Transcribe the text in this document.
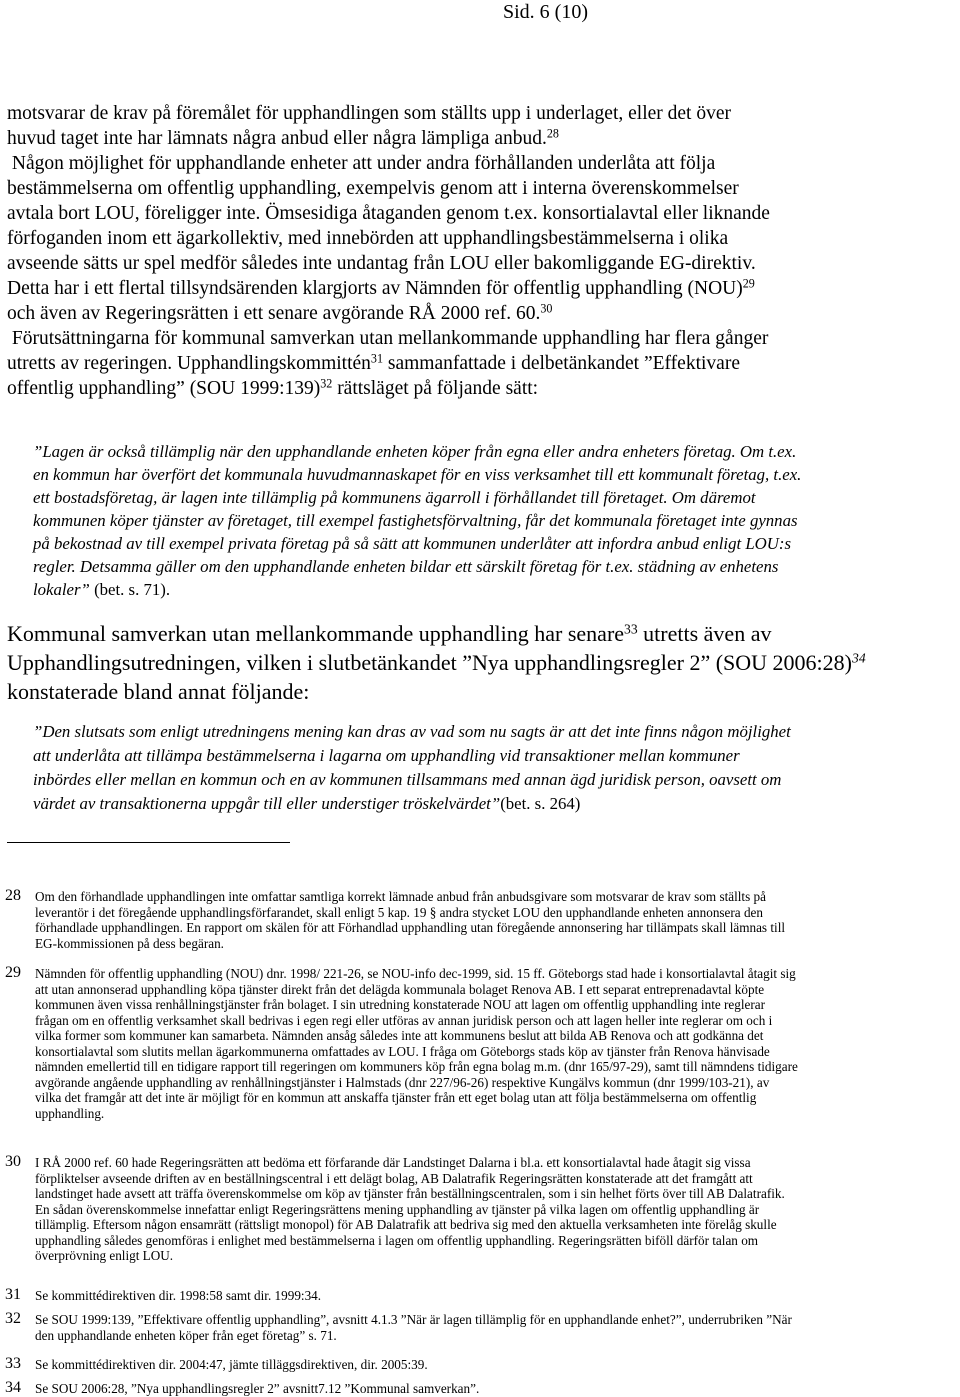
Sid. 6 (10)
motsvarar de krav på föremålet för upphandlingen som ställts upp i underlaget, eller det över
huvud taget inte har lämnats några anbud eller några lämpliga anbud.$^{28}$
Någon möjlighet för upphandlande enheter att under andra förhållanden underlåta att följa
bestämmelserna om offentlig upphandling, exempelvis genom att i interna överenskommelser
avtala bort LOU, föreligger inte. Ömsesidiga åtaganden genom t.ex. konsortialavtal eller liknande
förfoganden inom ett ägarkollektiv, med innebörden att upphandlingsbestämmelserna i olika
avseende sätts ur spel medför således inte undantag från LOU eller bakomliggande EG-direktiv.
Detta har i ett flertal tillsyndsärenden klargjorts av Nämnden för offentlig upphandling (NOU)$^{29}$
och även av Regeringsrätten i ett senare avgörande RÅ 2000 ref. 60.30
Förutsättningarna för kommunal samverkan utan mellankommande upphandling har flera gånger
utretts av regeringen. Upphandlingskommittén$^{31}$ sammanfattade i delbetänkandet ”Effektivare
offentlig upphandling” (SOU 1999:139)$^{32}$ rättsläget på följande sätt:
”Lagen är också tillämplig när den upphandlande enheten köper från egna eller andra enheters företag. Om t.ex.
en kommun har överfört det kommunala huvudmannaskapet för en viss verksamhet till ett kommunalt företag, t.ex.
ett bostadsföretag, är lagen inte tillämplig på kommunens ägarroll i förhållandet till företaget. Om däremot
kommunen köper tjänster av företaget, till exempel fastighetsförvaltning, får det kommunala företaget inte gynnas
på bekostnad av till exempel privata företag på så sätt att kommunen underlåter att infordra anbud enligt LOU:s
regler. Detsamma gäller om den upphandlande enheten bildar ett särskilt företag för t.ex. städning av enhetens
lokaler” (bet. s. 71).
Kommunal samverkan utan mellankommande upphandling har senare$^{33}$ utretts även av
Upphandlingsutredningen, vilken i slutbetänkandet ”Nya upphandlingsregler 2” (SOU 2006:28)$^{34}$
konstaterade bland annat följande:
”Den slutsats som enligt utredningens mening kan dras av vad som nu sagts är att det inte finns någon möjlighet
att underlåta att tillämpa bestämmelserna i lagarna om upphandling vid transaktioner mellan kommuner
inbördes eller mellan en kommun och en av kommunen tillsammans med annan ägd juridisk person, oavsett om
värdet av transaktionerna uppgår till eller understiger tröskelvärdet”(bet. s. 264)
28 Om den förhandlade upphandlingen inte omfattar samtliga korrekt lämnade anbud från anbudsgivare som motsvarar de krav som ställts på
leverantör i det föregående upphandlingsförfarandet, skall enligt 5 kap. 19 § andra stycket LOU den upphandlande enheten annonsera den
förhandlade upphandlingen. En rapport om skälen för att Förhandlad upphandling utan föregående annonsering har tillämpats skall lämnas till
EG-kommissionen på dess begäran.
29 Nämnden för offentlig upphandling (NOU) dnr. 1998/ 221-26, se NOU-info dec-1999, sid. 15 ff. Göteborgs stad hade i konsortialavtal åtagit sig
att utan annonserad upphandling köpa tjänster direkt från det delägda kommunala bolaget Renova AB. I ett separat entreprenadavtal köpte
kommunen även vissa renhållningstjänster från bolaget. I sin utredning konstaterade NOU att lagen om offentlig upphandling inte reglerar
frågan om en offentlig verksamhet skall bedrivas i egen regi eller utföras av annan juridisk person och att lagen heller inte reglerar om och i
vilka former som kommuner kan samarbeta. Nämnden ansåg således inte att kommunens beslut att bilda AB Renova och att godkänna det
konsortialavtal som slutits mellan ägarkommunerna omfattades av LOU. I fråga om Göteborgs stads köp av tjänster från Renova hänvisade
nämnden emellertid till en tidigare rapport till regeringen om kommuners köp från egna bolag m.m. (dnr 165/97-29), samt till nämndens tidigare
avgörande angående upphandling av renhållningstjänster i Halmstads (dnr 227/96-26) respektive Kungälvs kommun (dnr 1999/103-21), av
vilka det framgår att det inte är möjligt för en kommun att anskaffa tjänster från ett eget bolag utan att följa bestämmelserna om offentlig
upphandling.
30 I RÅ 2000 ref. 60 hade Regeringsrätten att bedöma ett förfarande där Landstinget Dalarna i bl.a. ett konsortialavtal hade åtagit sig vissa
förpliktelser avseende driften av en beställningscentral i ett delägt bolag, AB Dalatrafik Regeringsrätten konstaterade att det framgått att
landstinget hade avsett att träffa överenskommelse om köp av tjänster från beställningscentralen, som i sin helhet förts över till AB Dalatrafik.
En sådan överenskommelse innefattar enligt Regeringsrättens mening upphandling av tjänster på vilka lagen om offentlig upphandling är
tillämplig. Eftersom någon ensamrätt (rättsligt monopol) för AB Dalatrafik att bedriva sig med den aktuella verksamheten inte förelåg skulle
upphandling således genomföras i enlighet med bestämmelserna i lagen om offentlig upphandling. Regeringsrätten biföll därför talan om
överprövning enligt LOU.
31 Se kommittédirektiven dir. 1998:58 samt dir. 1999:34.
32 Se SOU 1999:139, ”Effektivare offentlig upphandling”, avsnitt 4.1.3 ”När är lagen tillämplig för en upphandlande enhet?”, underrubriken ”När
den upphandlande enheten köper från eget företag” s. 71.
33 Se kommittédirektiven dir. 2004:47, jämte tilläggsdirektiven, dir. 2005:39.
34 Se SOU 2006:28, ”Nya upphandlingsregler 2” avsnitt7.12 ”Kommunal samverkan”.
